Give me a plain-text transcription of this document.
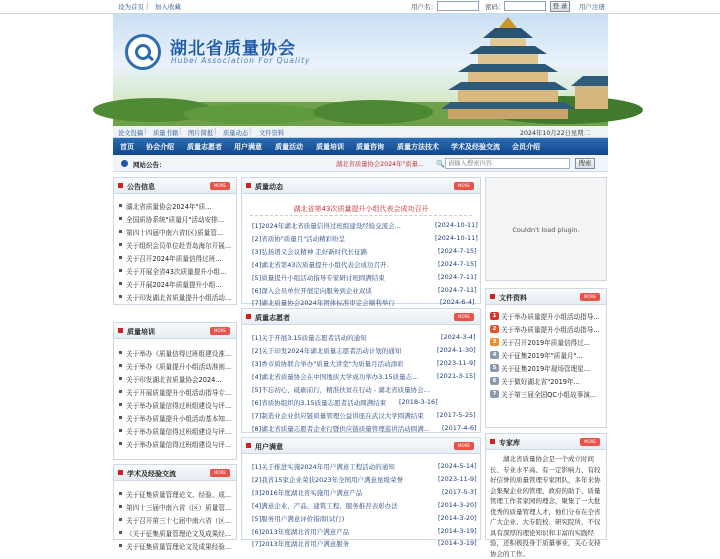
设为首页 | 加入收藏	用户名：	密码：	登 录	用户注册
湖北省质量协会
Hubei Association For Quality
论文投稿 | 质量书籍 | 图片简报 | 质量动态 | 文件资料	2024年10月22日 星期二
首页 协会介绍 质量志愿者 用户满意 质量活动 质量培训 质量咨询 质量方法技术 学术及经验交流 会员介绍
网站公告：	湖北省质量协会2024年"质量... 🔍
请输入搜索内容	搜索
公告信息	MORE
湖北省质量协会2024年"质...
全国质协系统"质量月"活动安排...
第四十四届中南六省(区)质量管...
关于组织会员单位赴青岛海尔开展...
关于召开2024年质量信得过班...
关于开展全省43次质量提升小组...
关于开展2024年质量提升小组...
关于印发湖北省质量提升小组活动...
质量培训	MORE
关于举办《质量信得过班组建设准...
关于举办《质量提升小组活动准则...
关于印发湖北省质量协会2024...
关于开展质量提升小组活动指导专...
关于举办质量信得过班组建设与评...
关于举办质量提升小组活动基本知...
关于举办质量信得过班组建设与评...
关于举办质量信得过班组建设与评...
学术及经验交流	MORE
关于征集质量管理论文、经验、成...
第四十三届中南六省（区）质量管...
关于召开第三十七届中南六省（区...
《关于征集质量管理论文及成果经...
关于征集质量管理论文及成果经验...
质量动态	MORE
湖北省第43次质量提升小组代表会成功召开
[1]2024年湖北省质量信得过班组建设经验交流会...	[2024-10-11]
[2]省质协"质量月"活动精彩纷呈	[2024-10-11]
[3]弘扬谱义会议精神 走好新时代长征路	[2024-7-15]
[4]湖北省第43次质量提升小组代表会成功召开.	[2024-7-15]
[5]质量提升小组活动指导专家研讨班圆满结束	[2024-7-11]
[6]深入会员单位开展定向服务到企业双谈	[2024-7-11]
[7]湖北质量协会2024年团体标准审定会顺利举行	[2024-6-4]
质量志愿者	MORE
[1]关于开展3.15质量志愿者活动的通知	[2024-3-4]
[2]关于印发2024年湖北质量志愿者活动计划的通知	[2024-1-30]
[3]香市质协联合举办"质量大讲堂"为质量月活动添彩	[2023-11-9]
[4]湖北省质量协会在中国地质大学成功举办3.15质量志...	[2021-3-15]
[5]不忘初心，砥砺前行，精准扶贫在行动 - 湖北省质量协会...
[6]省质协组织的3.15质量志愿者活动圆满结束	[2018-3-16]
[7]制造业企业供应链质量管理公益讲座在武汉大学圆满结束	[2017-5-25]
[8]湖北省质量志愿者企业行暨供应链质量管理巡讲活动圆满...	[2017-4-6]
用户满意	MORE
[1]关于推进实施2024年用户满意工程活动的通知	[2024-5-14]
[2]我省15家企业荣获2023年全国用户满意星级荣誉	[2023-11-9]
[3]2016年度湖北省实施用户满意产品	[2017-5-3]
[4]满意企业、产品、建筑工程、服务推荐表彰办法	[2014-3-20]
[5]服务用户满意评价指南(试行)	[2014-3-20]
[6]2013年度湖北省用户满意产品	[2014-3-19]
[7]2013年度湖北省用户满意服务	[2014-3-19]
Couldn't load plugin.
文件资料	MORE
1 关于举办质量提升小组活动指导...
2 关于举办质量提升小组活动指导...
3 关于召开2019年质量信得过...
4 关于征集2019年"质量月"...
5 关于征集2019年现场管理星...
6 关于做好湖北省"2019年...
7 关于第三届全国QC小组故事演...
专家库	MORE

湖北省质量协会是一个成立时间长、专业水平高、有一定影响力、有较好信誉的质量管理专家团队，多年来协会集聚企业的管理、政府的助手、质量管理工作者家园的理念，聚集了一大批优秀的质量管理人才，他们分布在全省广大企业、大专院校、研究院所，不仅具有深厚的理论知识和丰富的实践经验，还积极投身于质量事业，关心支持协会的工作。
